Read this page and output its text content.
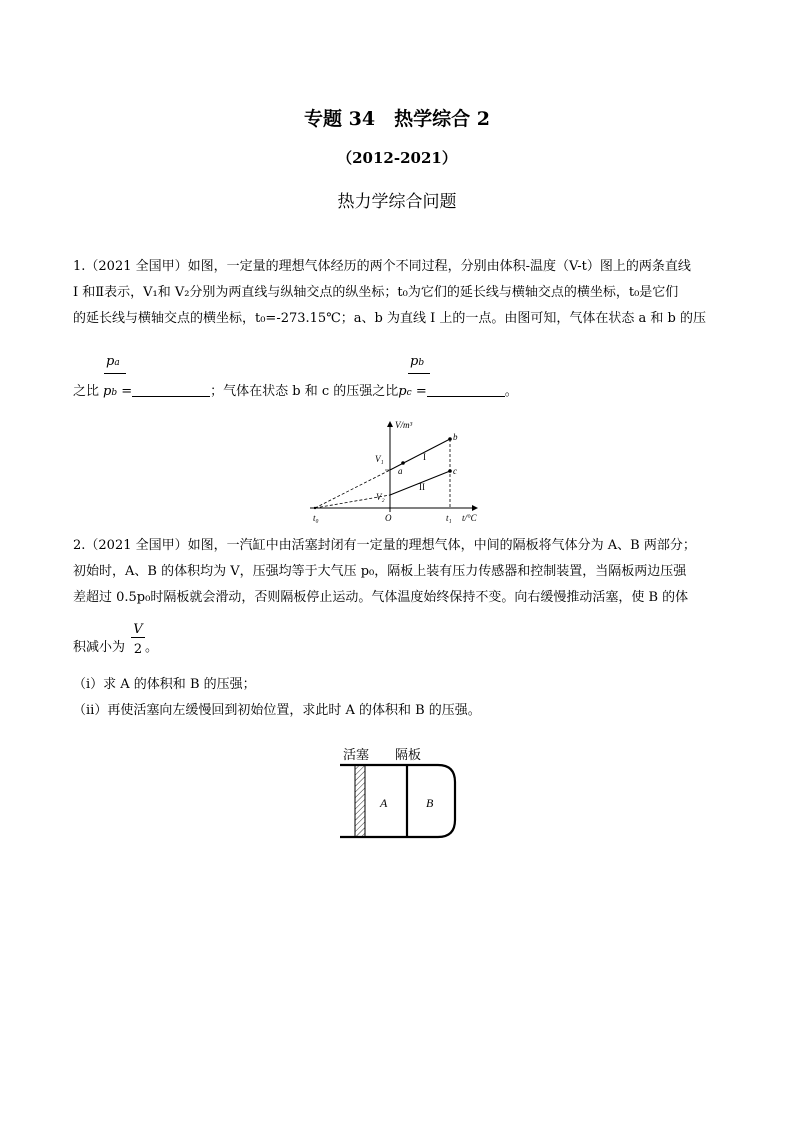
专题 34　热学综合 2
（2012-2021）
热力学综合问题
1.（2021 全国甲）如图，一定量的理想气体经历的两个不同过程，分别由体积-温度（V-t）图上的两条直线
I 和Ⅱ表示，V₁和 V₂分别为两直线与纵轴交点的纵坐标；t₀为它们的延长线与横轴交点的横坐标，t₀是它们
的延长线与横轴交点的横坐标，t₀=-273.15℃；a、b 为直线 I 上的一点。由图可知，气体在状态 a 和 b 的压
pa	pb
之比 pb =	；气体在状态 b 和 c 的压强之比pc =	。
V/m³
t/°C
O
t₀	t₁
V₁
V₂
I
II
a
b
c
2.（2021 全国甲）如图，一汽缸中由活塞封闭有一定量的理想气体，中间的隔板将气体分为 A、B 两部分；
初始时，A、B 的体积均为 V，压强均等于大气压 p₀，隔板上装有压力传感器和控制装置，当隔板两边压强
差超过 0.5p₀时隔板就会滑动，否则隔板停止运动。气体温度始终保持不变。向右缓慢推动活塞，使 B 的体
积减小为
V
2 。
（i）求 A 的体积和 B 的压强；
（ⅱ）再使活塞向左缓慢回到初始位置，求此时 A 的体积和 B 的压强。
活塞 隔板
A	B
